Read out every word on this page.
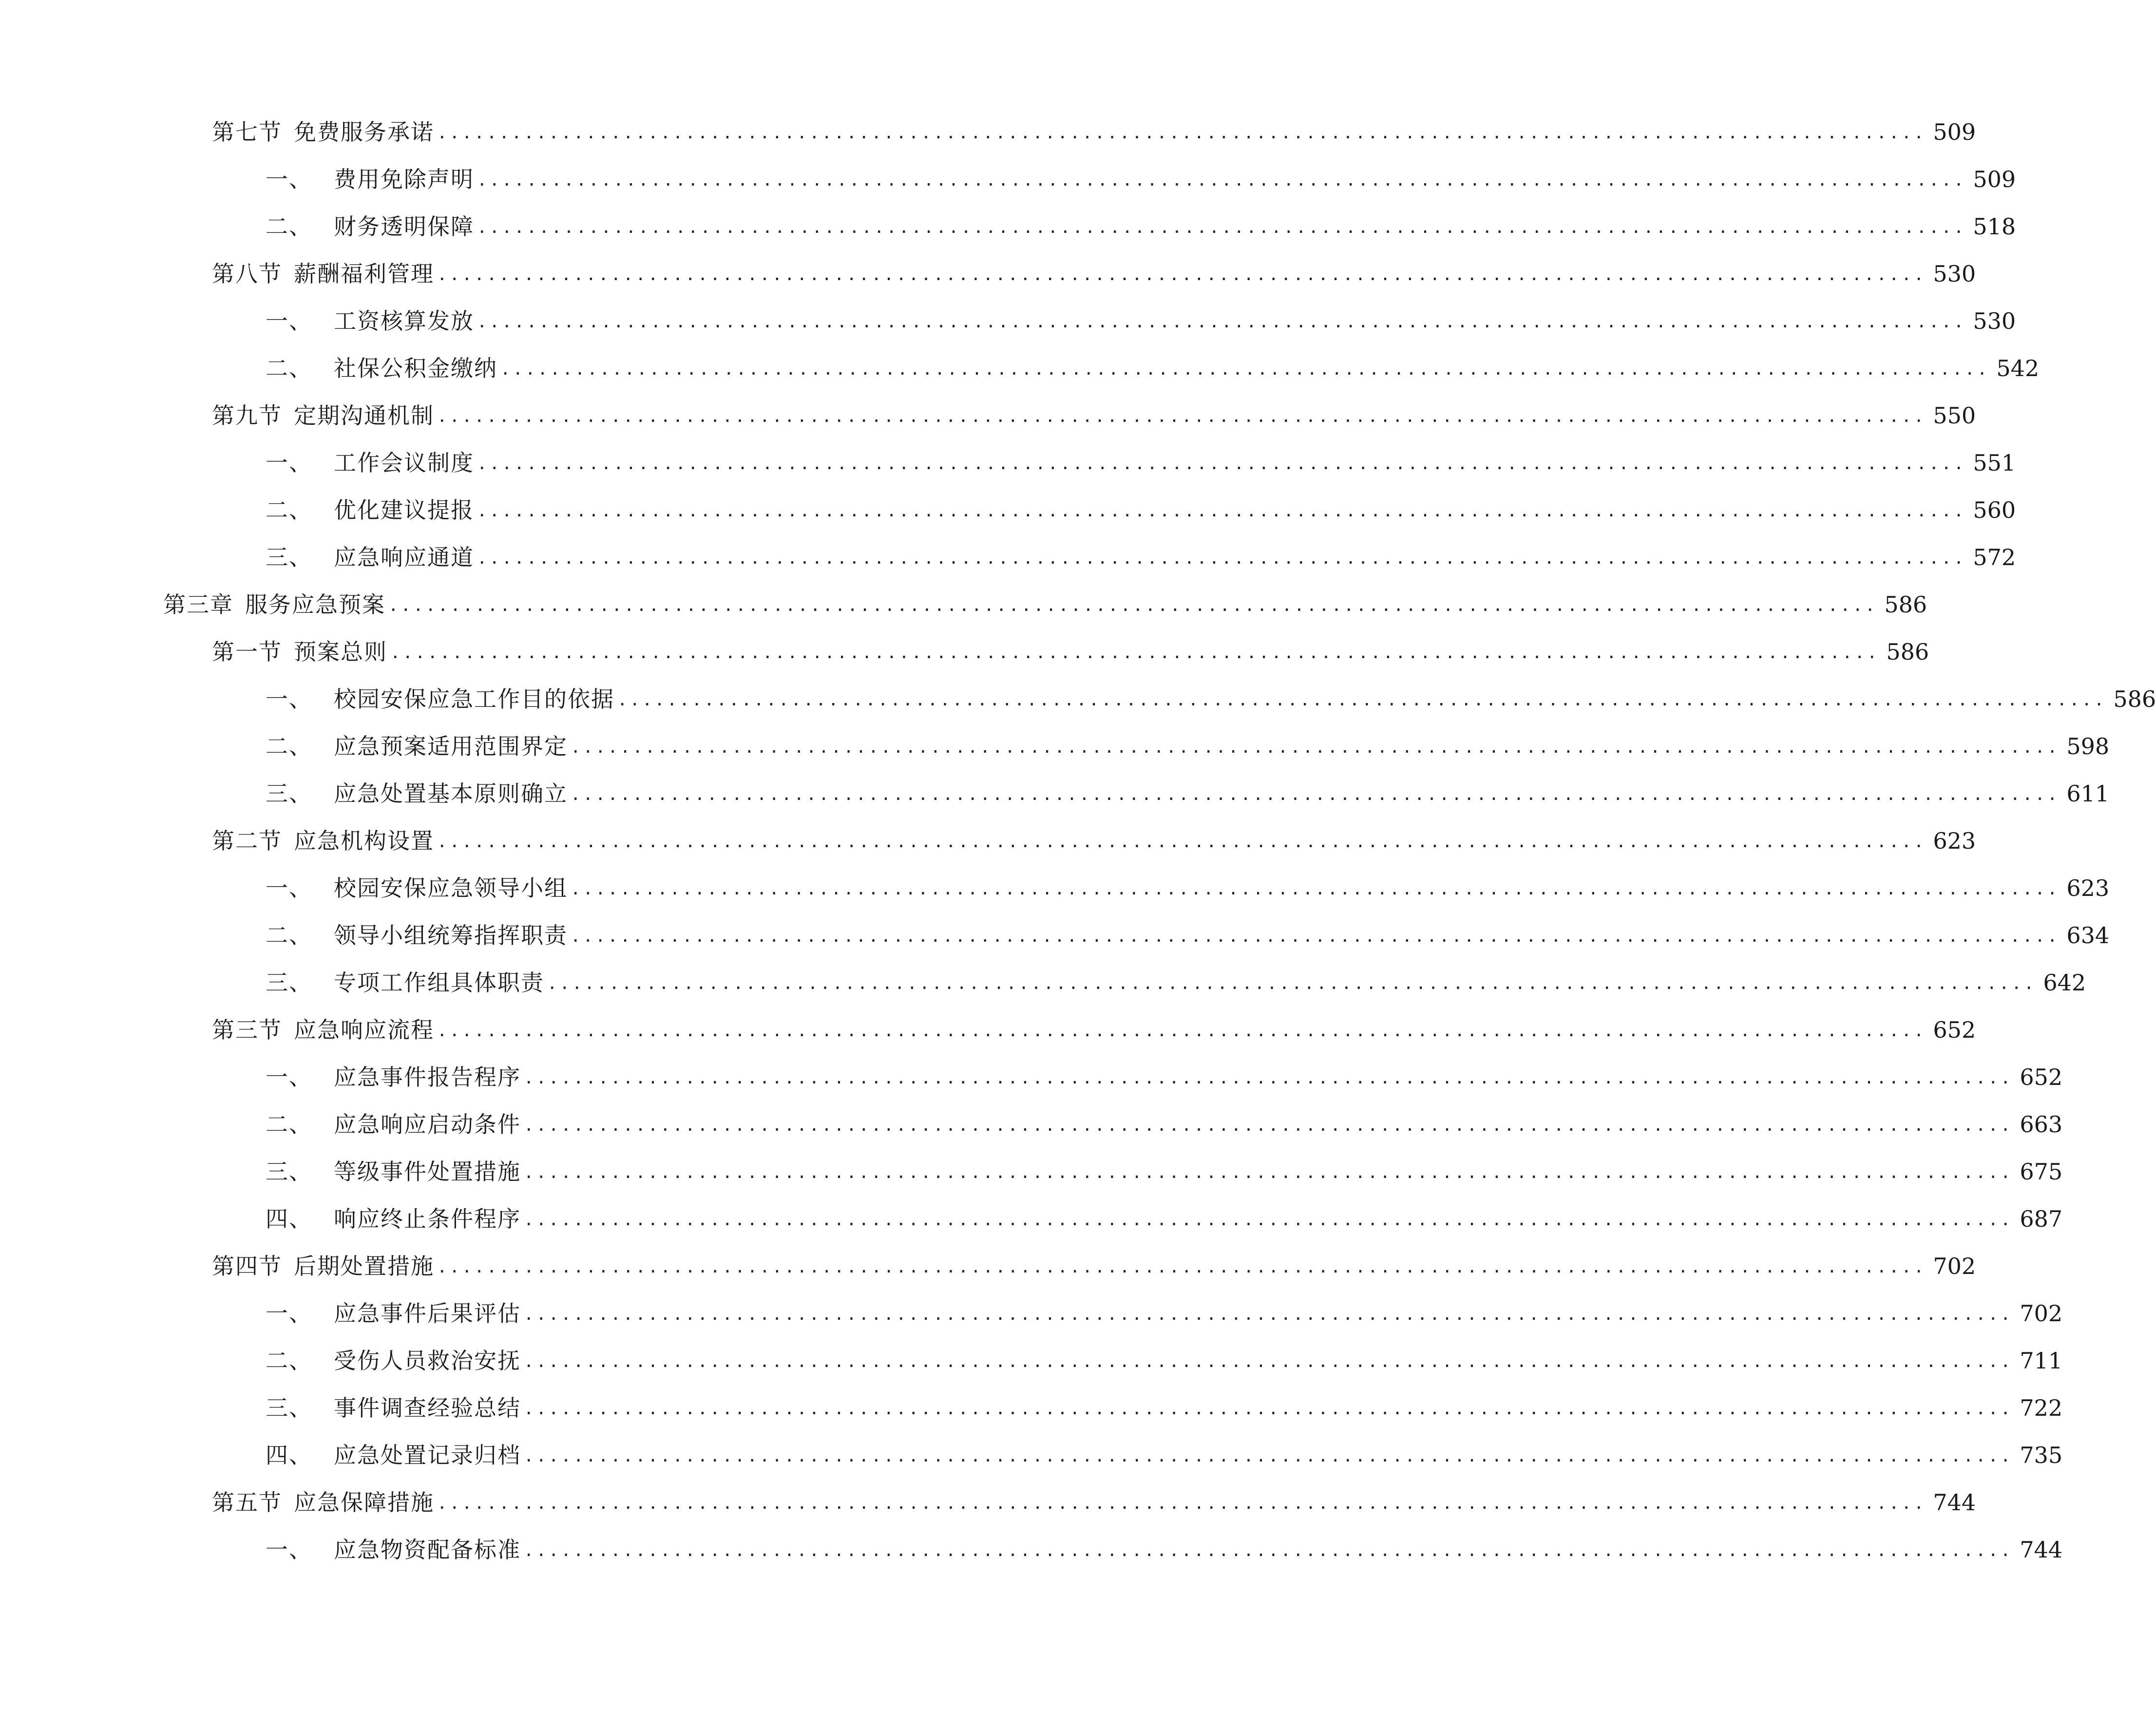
第七节 免费服务承诺 ........................................................................................................................ 509
一、 费用免除声明 ........................................................................................................................ 509
二、 财务透明保障 ........................................................................................................................ 518
第八节 薪酬福利管理 ........................................................................................................................ 530
一、 工资核算发放 ........................................................................................................................ 530
二、 社保公积金缴纳 ........................................................................................................................ 542
第九节 定期沟通机制 ........................................................................................................................ 550
一、 工作会议制度 ........................................................................................................................ 551
二、 优化建议提报 ........................................................................................................................ 560
三、 应急响应通道 ........................................................................................................................ 572
第三章 服务应急预案 ........................................................................................................................ 586
第一节 预案总则 ........................................................................................................................ 586
一、 校园安保应急工作目的依据 ........................................................................................................................ 586
二、 应急预案适用范围界定 ........................................................................................................................ 598
三、 应急处置基本原则确立 ........................................................................................................................ 611
第二节 应急机构设置 ........................................................................................................................ 623
一、 校园安保应急领导小组 ........................................................................................................................ 623
二、 领导小组统筹指挥职责 ........................................................................................................................ 634
三、 专项工作组具体职责 ........................................................................................................................ 642
第三节 应急响应流程 ........................................................................................................................ 652
一、 应急事件报告程序 ........................................................................................................................ 652
二、 应急响应启动条件 ........................................................................................................................ 663
三、 等级事件处置措施 ........................................................................................................................ 675
四、 响应终止条件程序 ........................................................................................................................ 687
第四节 后期处置措施 ........................................................................................................................ 702
一、 应急事件后果评估 ........................................................................................................................ 702
二、 受伤人员救治安抚 ........................................................................................................................ 711
三、 事件调查经验总结 ........................................................................................................................ 722
四、 应急处置记录归档 ........................................................................................................................ 735
第五节 应急保障措施 ........................................................................................................................ 744
一、 应急物资配备标准 ........................................................................................................................ 744
